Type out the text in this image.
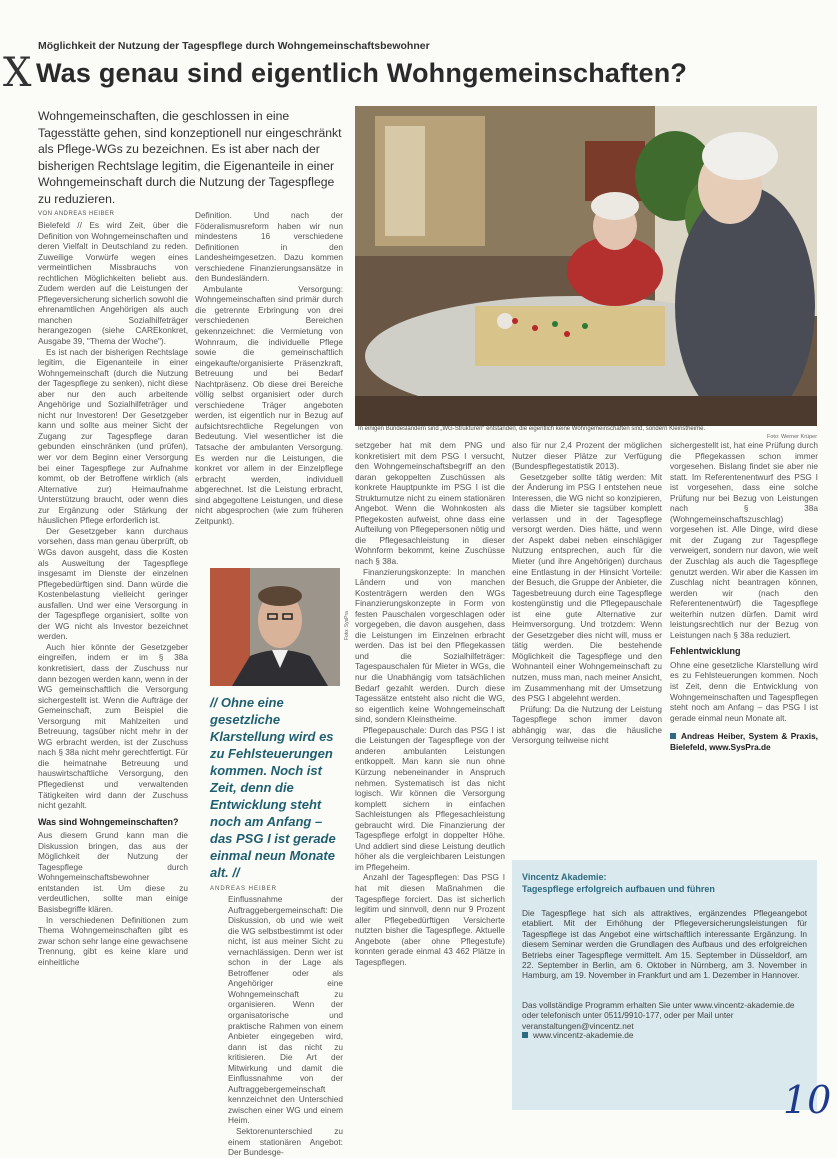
X
Möglichkeit der Nutzung der Tagespflege durch Wohngemeinschaftsbewohner
Was genau sind eigentlich Wohngemeinschaften?

Wohngemeinschaften, die geschlossen in eine Tagesstätte gehen, sind konzeptionell nur eingeschränkt als Pflege-WGs zu bezeichnen. Es ist aber nach der bisherigen Rechtslage legitim, die Eigenanteile in einer Wohngemeinschaft durch die Nutzung der Tagespflege zu reduzieren.

VON ANDREAS HEIBER
In einigen Bundesländern sind „WG-Strukturen“ entstanden, die eigentlich keine Wohngemeinschaften sind, sondern Kleinstheime.
Foto: Werner Krüper

Bielefeld // Es wird Zeit, über die Definition von Wohngemeinschaften und deren Vielfalt in Deutschland zu reden. Zuweilige Vorwürfe wegen eines vermeintlichen Missbrauchs von rechtlichen Möglichkeiten beliebt aus. Zudem werden auf die Leistungen der Pflegeversicherung sicherlich sowohl die ehrenamtlichen Angehörigen als auch manchen Sozialhilfeträger herangezogen (siehe CAREkonkret, Ausgabe 39, "Thema der Woche").

Es ist nach der bisherigen Rechtslage legitim, die Eigenanteile in einer Wohngemeinschaft (durch die Nutzung der Tagespflege zu senken), nicht diese aber nur den auch arbeitende Angehörige und Sozialhilfeträger und nicht nur Investoren! Der Gesetzgeber kann und sollte aus meiner Sicht der Zugang zur Tagespflege daran gebunden einschränken (und prüfen), wer vor dem Beginn einer Versorgung bei einer Tagespflege zur Aufnahme kommt, ob der Betroffene wirklich (als Alternative zur) Heimaufnahme Unterstützung braucht, oder wenn dies zur Ergänzung oder Stärkung der häuslichen Pflege erforderlich ist.

Der Gesetzgeber kann durchaus vorsehen, dass man genau überprüft, ob WGs davon ausgeht, dass die Kosten als Ausweitung der Tagespflege insgesamt im Dienste der einzelnen Pflegebedürftigen sind. Dann würde die Kostenbelastung vielleicht geringer ausfallen. Und wer eine Versorgung in der Tagespflege organisiert, sollte von der WG nicht als Investor bezeichnet werden.

Auch hier könnte der Gesetzgeber eingreifen, indem er im § 38a konkretisiert, dass der Zuschuss nur dann bezogen werden kann, wenn in der WG gemeinschaftlich die Versorgung sichergestellt ist. Wenn die Aufträge der Gemeinschaft, zum Beispiel die Versorgung mit Mahlzeiten und Betreuung, tagsüber nicht mehr in der WG erbracht werden, ist der Zuschuss nach § 38a nicht mehr gerechtfertigt. Für die heimatnahe Betreuung und hauswirtschaftliche Versorgung, den Pflegedienst und verwaltenden Tätigkeiten wird dann der Zuschuss nicht gezahlt.

Was sind Wohngemeinschaften?

Aus diesem Grund kann man die Diskussion bringen, das aus der Möglichkeit der Nutzung der Tagespflege durch Wohngemeinschaftsbewohner entstanden ist. Um diese zu verdeutlichen, sollte man einige Basisbegriffe klären.

In verschiedenen Definitionen zum Thema Wohngemeinschaften gibt es zwar schon sehr lange eine gewachsene Trennung, gibt es keine klare und einheitliche

Definition. Und nach der Föderalismusreform haben wir nun mindestens 16 verschiedene Definitionen in den Landesheimgesetzen. Dazu kommen verschiedene Finanzierungsansätze in den Bundesländern.

Ambulante Versorgung: Wohngemeinschaften sind primär durch die getrennte Erbringung von drei verschiedenen Bereichen gekennzeichnet: die Vermietung von Wohnraum, die individuelle Pflege sowie die gemeinschaftlich eingekaufte/organisierte Präsenzkraft, Betreuung und bei Bedarf Nachtpräsenz. Ob diese drei Bereiche völlig selbst organisiert oder durch verschiedene Träger angeboten werden, ist eigentlich nur in Bezug auf aufsichtsrechtliche Regelungen von Bedeutung. Viel wesentlicher ist die Tatsache der ambulanten Versorgung. Es werden nur die Leistungen, die konkret vor allem in der Einzelpflege erbracht werden, individuell abgerechnet. Ist die Leistung erbracht, sind abgegoltene Leistungen, und diese nicht abgesprochen (wie zum früheren Zeitpunkt).

Foto: SysPra

// Ohne eine gesetzliche Klarstellung wird es zu Fehlsteuerungen kommen. Noch ist Zeit, denn die Entwicklung steht noch am Anfang – das PSG I ist gerade einmal neun Monate alt. //

ANDREAS HEIBER

Einflussnahme der Auftraggebergemeinschaft: Die Diskussion, ob und wie weit die WG selbstbestimmt ist oder nicht, ist aus meiner Sicht zu vernachlässigen. Denn wer ist schon in der Lage als Betroffener oder als Angehöriger eine Wohngemeinschaft zu organisieren. Wenn der organisatorische und praktische Rahmen von einem Anbieter eingegeben wird, dann ist das nicht zu kritisieren. Die Art der Mitwirkung und damit die Einflussnahme von der Auftraggebergemeinschaft kennzeichnet den Unterschied zwischen einer WG und einem Heim.

Sektorenunterschied zu einem stationären Angebot: Der Bundesge-

setzgeber hat mit dem PNG und konkretisiert mit dem PSG I versucht, den Wohngemeinschaftsbegriff an den daran gekoppelten Zuschüssen als konkrete Hauptpunkte im PSG I ist die Strukturnutze nicht zu einem stationären Angebot. Wenn die Wohnkosten als Pflegekosten aufweist, ohne dass eine Aufteilung von Pflegepersonen nötig und die Pflegesachleistung in dieser Wohnform bekommt, keine Zuschüsse nach § 38a.

Finanzierungskonzepte: In manchen Ländern und von manchen Kostenträgern werden den WGs Finanzierungskonzepte in Form von festen Pauschalen vorgeschlagen oder vorgegeben, die davon ausgehen, dass die Leistungen im Einzelnen erbracht werden. Das ist bei den Pflegekassen und die Sozialhilfeträger: Tagespauschalen für Mieter in WGs, die nur die Unabhängig vom tatsächlichen Bedarf gezahlt werden. Durch diese Tagessätze entsteht also nicht die WG, so eigentlich keine Wohngemeinschaft sind, sondern Kleinstheime.

Pflegepauschale: Durch das PSG I ist die Leistungen der Tagespflege von der anderen ambulanten Leistungen entkoppelt. Man kann sie nun ohne Kürzung nebeneinander in Anspruch nehmen. Systematisch ist das nicht logisch. Wir können die Versorgung komplett sichern in einfachen Sachleistungen als Pflegesachleistung gebraucht wird. Die Finanzierung der Tagespflege erfolgt in doppelter Höhe. Und addiert sind diese Leistung deutlich höher als die vergleichbaren Leistungen im Pflegeheim.

Anzahl der Tagespflegen: Das PSG I hat mit diesen Maßnahmen die Tagespflege forciert. Das ist sicherlich legitim und sinnvoll, denn nur 9 Prozent aller Pflegebedürftigen Versicherte nutzten bisher die Tagespflege. Aktuelle Angebote (aber ohne Pflegestufe) konnten gerade einmal 43 462 Plätze in Tagespflegen.

also für nur 2,4 Prozent der möglichen Nutzer dieser Plätze zur Verfügung (Bundespflegestatistik 2013).

Gesetzgeber sollte tätig werden: Mit der Änderung im PSG I entstehen neue Interessen, die WG nicht so konzipieren, dass die Mieter sie tagsüber komplett verlassen und in der Tagespflege versorgt werden. Dies hätte, und wenn der Aspekt dabei neben einschlägiger Nutzung entsprechen, auch für die Mieter (und ihre Angehörigen) durchaus eine Entlastung in der Hinsicht Vorteile: der Besuch, die Gruppe der Anbieter, die Tagesbetreuung durch eine Tagespflege kostengünstig und die Pflegepauschale ist eine gute Alternative zur Heimversorgung. Und trotzdem: Wenn der Gesetzgeber dies nicht will, muss er tätig werden. Die bestehende Möglichkeit die Tagespflege und den Wohnanteil einer Wohngemeinschaft zu nutzen, muss man, nach meiner Ansicht, im Zusammenhang mit der Umsetzung des PSG I abgelehnt werden.

Prüfung: Da die Nutzung der Leistung Tagespflege schon immer davon abhängig war, das die häusliche Versorgung teilweise nicht

sichergestellt ist, hat eine Prüfung durch die Pflegekassen schon immer vorgesehen. Bislang findet sie aber nie statt. Im Referentenentwurf des PSG I ist vorgesehen, dass eine solche Prüfung nur bei Bezug von Leistungen nach § 38a (Wohngemeinschaftszuschlag) vorgesehen ist. Alle Dinge, wird diese mit der Zugang zur Tagespflege verweigert, sondern nur davon, wie weit der Zuschlag als auch die Tagespflege genutzt werden. Wir aber die Kassen im Zuschlag nicht beantragen können, werden wir (nach den Referentenentwürf) die Tagespflege weiterhin nutzen dürfen. Damit wird leistungsrechtlich nur der Bezug von Leistungen nach § 38a reduziert.

Fehlentwicklung

Ohne eine gesetzliche Klarstellung wird es zu Fehlsteuerungen kommen. Noch ist Zeit, denn die Entwicklung von Wohngemeinschaften und Tagespflegen steht noch am Anfang – das PSG I ist gerade einmal neun Monate alt.

Andreas Heiber, System & Praxis, Bielefeld, www.SysPra.de

Vincentz Akademie:

Tagespflege erfolgreich aufbauen und führen

Die Tagespflege hat sich als attraktives, ergänzendes Pflegeangebot etabliert. Mit der Erhöhung der Pflegeversicherungsleistungen für Tagespflege ist das Angebot eine wirtschaftlich interessante Ergänzung. In diesem Seminar werden die Grundlagen des Aufbaus und des erfolgreichen Betriebs einer Tagespflege vermittelt. Am 15. September in Düsseldorf, am 22. September in Berlin, am 6. Oktober in Nürnberg, am 3. November in Hamburg, am 19. November in Frankfurt und am 1. Dezember in Hannover.

Das vollständige Programm erhalten Sie unter www.vincentz-akademie.de oder telefonisch unter 0511/9910-177, oder per Mail unter veranstaltungen@vincentz.net

www.vincentz-akademie.de

10
